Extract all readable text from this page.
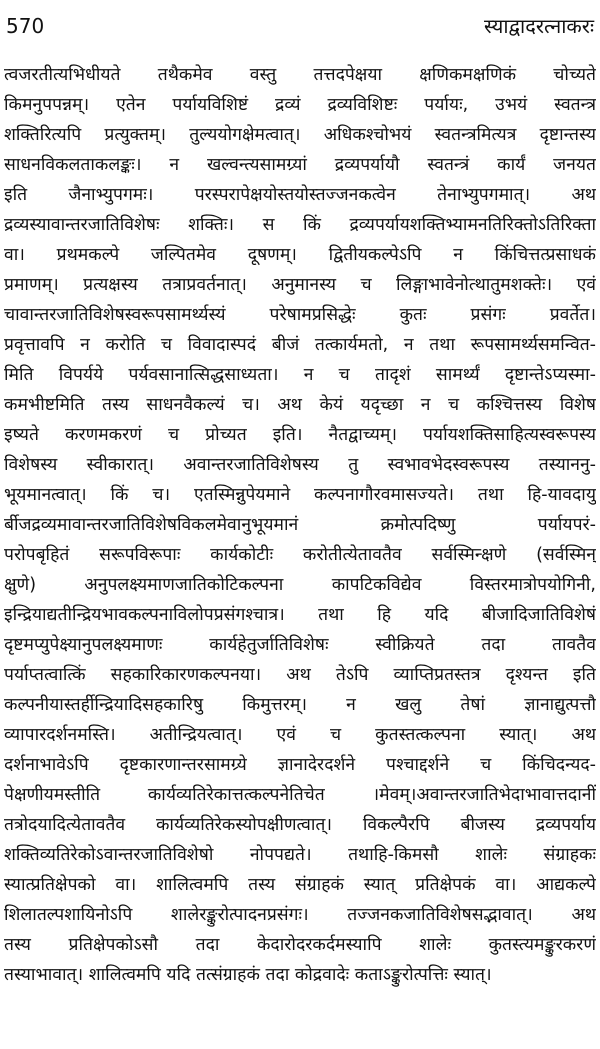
570	स्याद्वादरत्नाकरः
त्वजरतीत्यभिधीयते तथैकमेव वस्तु तत्तदपेक्षया क्षणिकमक्षणिकं चोच्यते
किमनुपपन्नम्। एतेन पर्यायविशिष्टं द्रव्यं द्रव्यविशिष्टः पर्यायः, उभयं स्वतन्त्र
शक्तिरित्यपि प्रत्युक्तम्। तुल्ययोगक्षेमत्वात्। अधिकश्चोभयं स्वतन्त्रमित्यत्र दृष्टान्तस्य
साधनविकलताकलङ्कः। न खल्वन्त्यसामग्र्यां द्रव्यपर्यायौ स्वतन्त्रं कार्यं जनयत
इति जैनाभ्युपगमः। परस्परापेक्षयोस्तयोस्तज्जनकत्वेन तेनाभ्युपगमात्। अथ
द्रव्यस्यावान्तरजातिविशेषः शक्तिः। स किं द्रव्यपर्यायशक्तिभ्यामनतिरिक्तोऽतिरिक्ता
वा। प्रथमकल्पे जल्पितमेव दूषणम्। द्वितीयकल्पेऽपि न किंचित्तत्प्रसाधकं
प्रमाणम्। प्रत्यक्षस्य तत्राप्रवर्तनात्। अनुमानस्य च लिङ्गाभावेनोत्थातुमशक्तेः। एवं
चावान्तरजातिविशेषस्वरूपसामर्थ्यस्यं परेषामप्रसिद्धेः कुतः प्रसंगः प्रवर्तेत।
प्रवृत्तावपि न करोति च विवादास्पदं बीजं तत्कार्यमतो, न तथा रूपसामर्थ्यसमन्वित-
मिति विपर्यये पर्यवसानात्सिद्धसाध्यता। न च तादृशं सामर्थ्यं दृष्टान्तेऽप्यस्मा-
कमभीष्टमिति तस्य साधनवैकल्यं च। अथ केयं यदृच्छा न च कश्चित्तस्य विशेष
इष्यते करणमकरणं च प्रोच्यत इति। नैतद्वाच्यम्। पर्यायशक्तिसाहित्यस्वरूपस्य
विशेषस्य स्वीकारात्। अवान्तरजातिविशेषस्य तु स्वभावभेदस्वरूपस्य तस्याननु-
भूयमानत्वात्। किं च। एतस्मिन्नुपेयमाने कल्पनागौरवमासज्यते। तथा हि-यावदायु
र्बीजद्रव्यमावान्तरजातिविशेषविकलमेवानुभूयमानं क्रमोत्पदिष्णु पर्यायपरं-
परोपबृहितं सरूपविरूपाः कार्यकोटीः करोतीत्येतावतैव सर्वस्मिन्क्षणे (सर्वस्मिन्
क्षुणे) अनुपलक्ष्यमाणजातिकोटिकल्पना कापटिकविद्येव विस्तरमात्रोपयोगिनी,
इन्द्रियाद्यतीन्द्रियभावकल्पनाविलोपप्रसंगश्चात्र। तथा हि यदि बीजादिजातिविशेषं
दृष्टमप्युपेक्ष्यानुपलक्ष्यमाणः कार्यहेतुर्जातिविशेषः स्वीक्रियते तदा तावतैव
पर्याप्तत्वात्किं सहकारिकारणकल्पनया। अथ तेऽपि व्याप्तिप्रतस्तत्र दृश्यन्त इति
कल्पनीयास्तर्हीन्द्रियादिसहकारिषु किमुत्तरम्। न खलु तेषां ज्ञानाद्युत्पत्तौ
व्यापारदर्शनमस्ति। अतीन्द्रियत्वात्। एवं च कुतस्तत्कल्पना स्यात्। अथ
दर्शनाभावेऽपि दृष्टकारणान्तरसामग्र्ये ज्ञानादेरदर्शने पश्चाद्दर्शने च किंचिदन्यद-
पेक्षणीयमस्तीति कार्यव्यतिरेकात्तत्कल्पनेतिचेत ।मेवम्।अवान्तरजातिभेदाभावात्तदानीं
तत्रोदयादित्येतावतैव कार्यव्यतिरेकस्योपक्षीणत्वात्। विकल्पैरपि बीजस्य द्रव्यपर्याय
शक्तिव्यतिरेकोऽवान्तरजातिविशेषो नोपपद्यते। तथाहि-किमसौ शालेः संग्राहकः
स्यात्प्रतिक्षेपको वा। शालित्वमपि तस्य संग्राहकं स्यात् प्रतिक्षेपकं वा। आद्यकल्पे
शिलातल्पशायिनोऽपि शालेरङ्कुरोत्पादनप्रसंगः। तज्जनकजातिविशेषसद्भावात्। अथ
तस्य प्रतिक्षेपकोऽसौ तदा केदारोदरकर्दमस्यापि शालेः कुतस्त्यमङ्कुरकरणं
तस्याभावात्। शालित्वमपि यदि तत्संग्राहकं तदा कोद्रवादेः कताऽङ्कुरोत्पत्तिः स्यात्।
